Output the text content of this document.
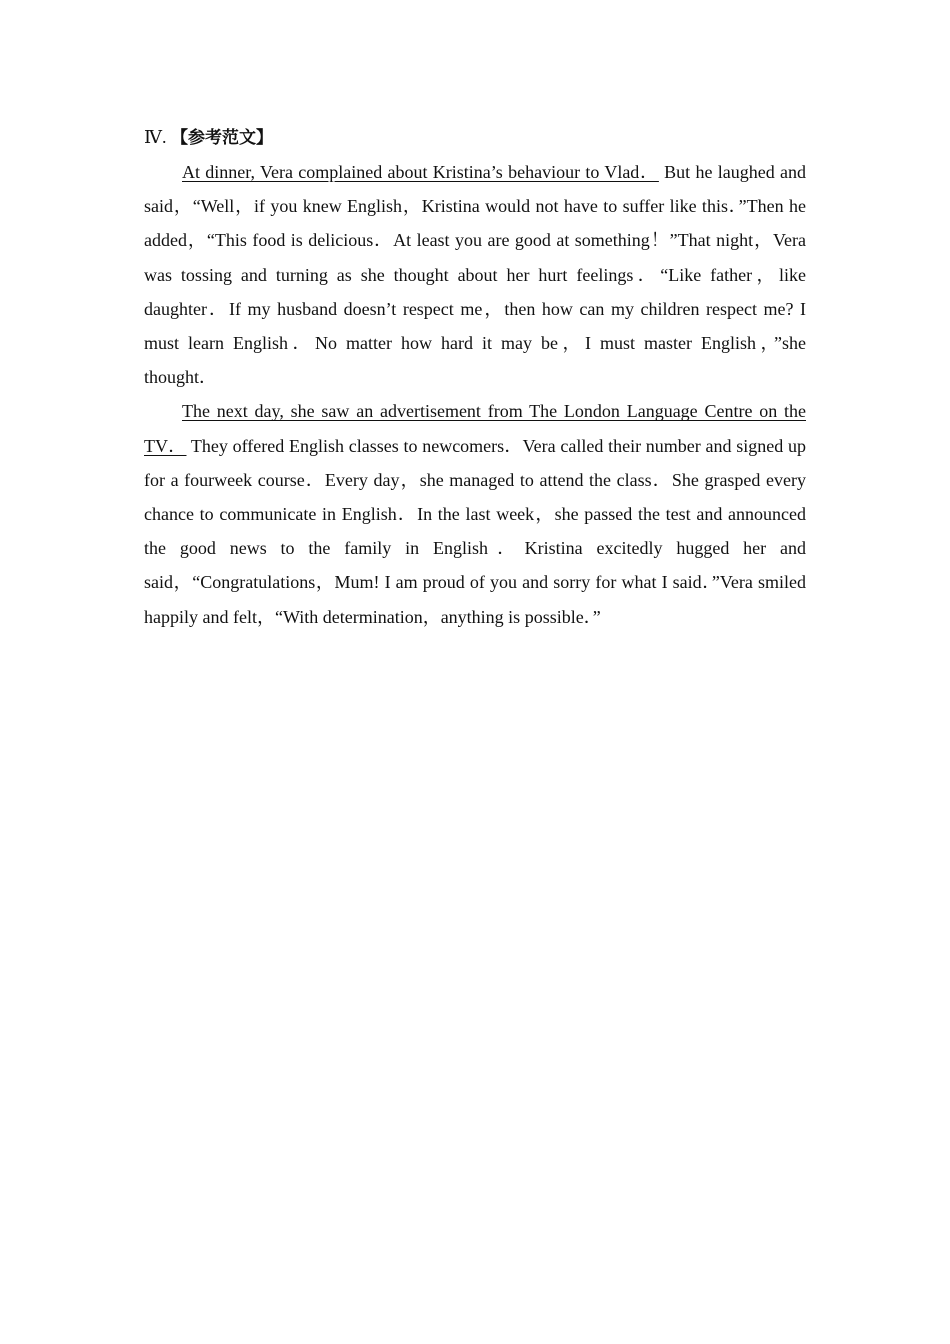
Ⅳ. 【参考范文】

At dinner, Vera complained about Kristina’s behaviour to Vlad． But he laughed and said，“Well，if you knew English，Kristina would not have to suffer like this．”Then he added，“This food is delicious．At least you are good at something！”That night，Vera was tossing and turning as she thought about her hurt feelings．“Like father，like daughter．If my husband doesn’t respect me，then how can my children respect me? I must learn English．No matter how hard it may be，I must master English，”she thought．

The next day, she saw an advertisement from The London Language Centre on the TV． They offered English classes to newcomers．Vera called their number and signed up for a fourweek course．Every day，she managed to attend the class．She grasped every chance to communicate in English．In the last week，she passed the test and announced the good news to the family in English．Kristina excitedly hugged her and said，“Congratulations，Mum! I am proud of you and sorry for what I said．”Vera smiled happily and felt，“With determination，anything is possible．”
